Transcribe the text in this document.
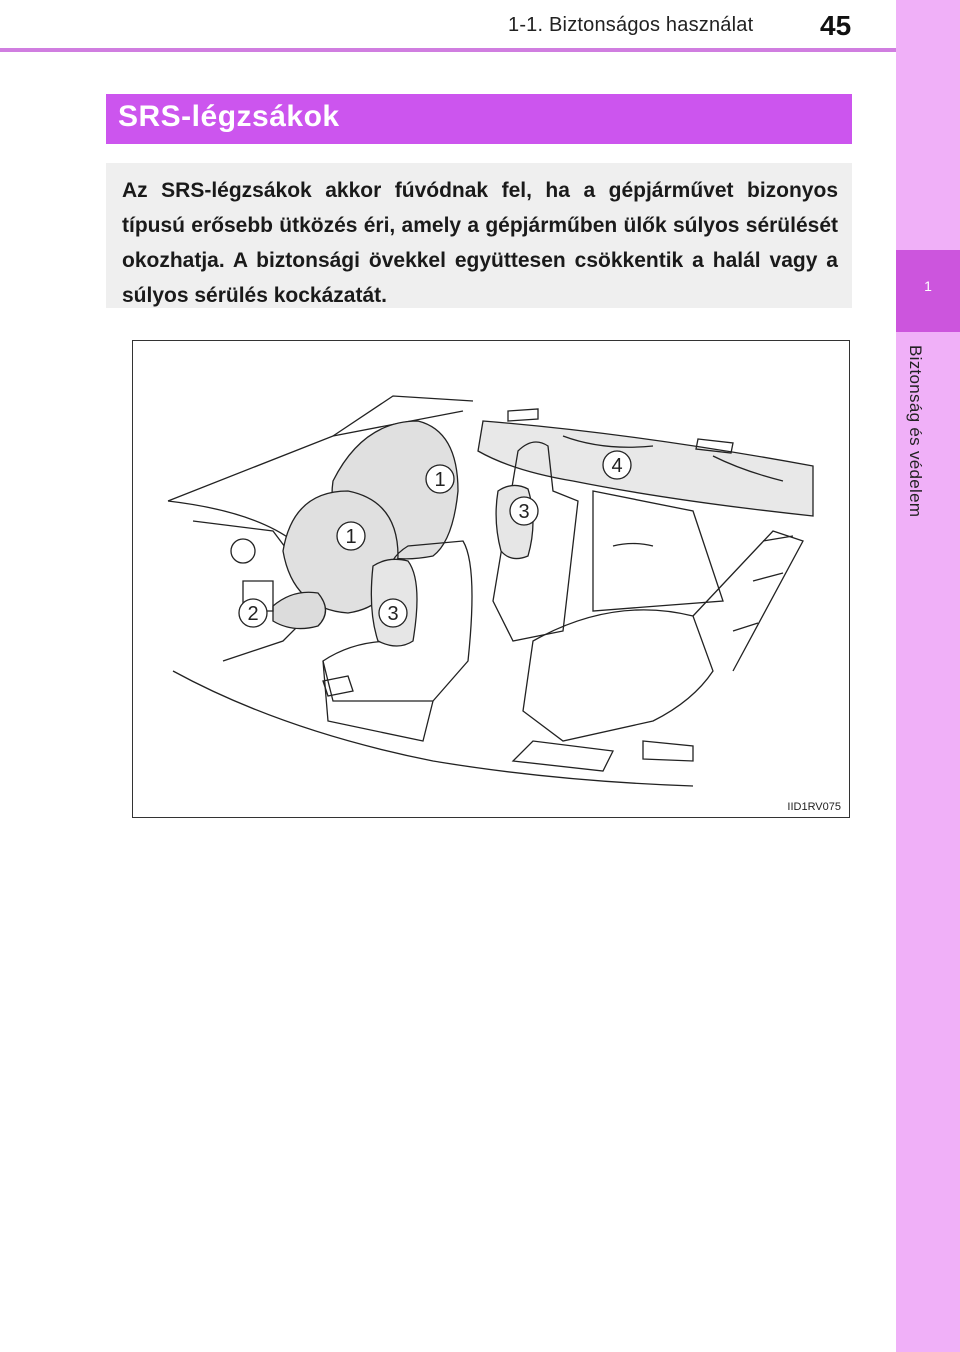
1-1. Biztonságos használat	45
1
Biztonság és védelem
SRS-légzsákok
Az SRS-légzsákok akkor fúvódnak fel, ha a gépjárművet bizonyos típusú erősebb ütközés éri, amely a gépjárműben ülők súlyos sérülését okozhatja. A biztonsági övekkel együttesen csökkentik a halál vagy a súlyos sérülés kockázatát.
1
1
2
3
3
4
IID1RV075
